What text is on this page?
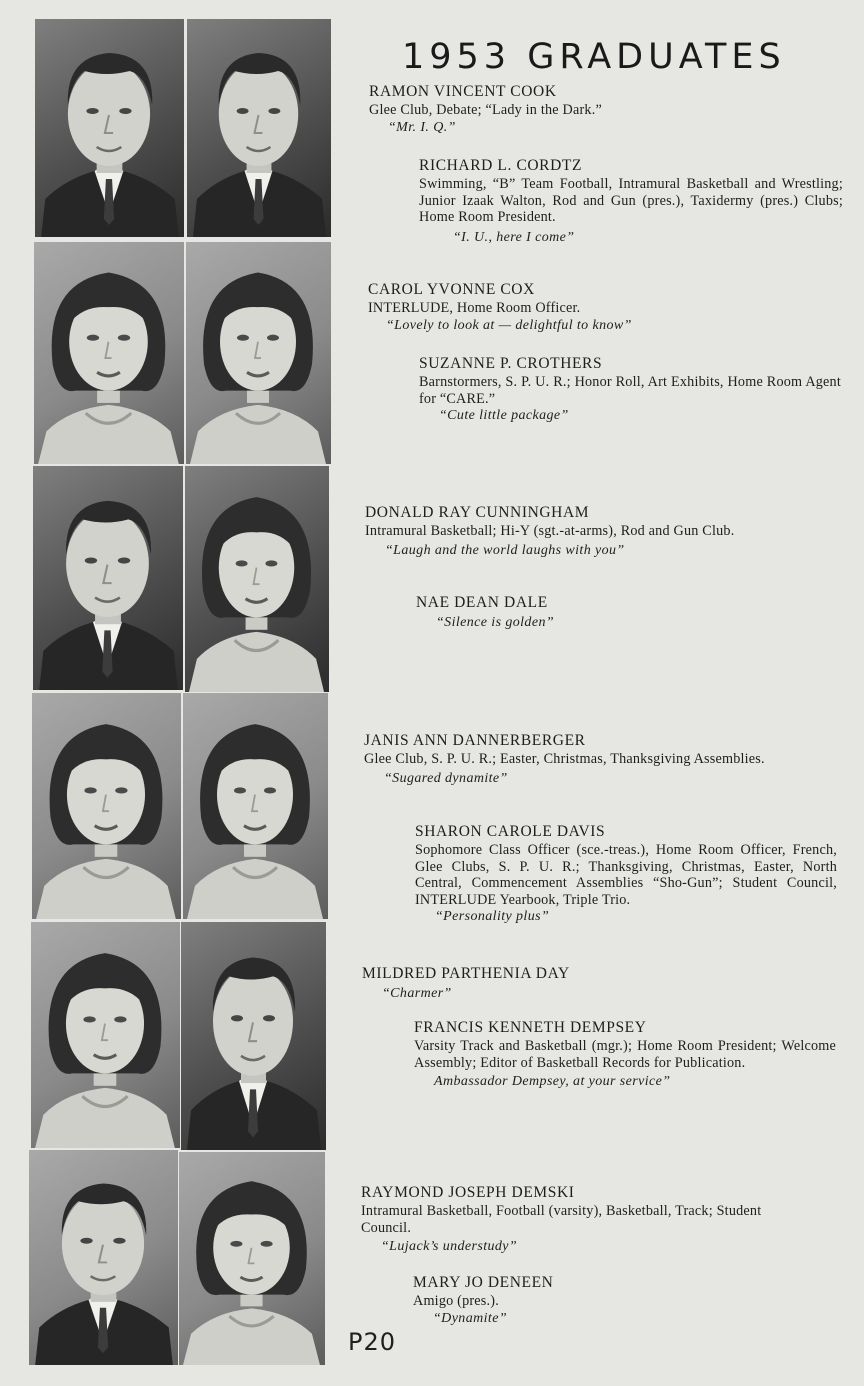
1953 GRADUATES
RAMON VINCENT COOK
Glee Club, Debate; “Lady in the Dark.”
“Mr. I. Q.”
RICHARD L. CORDTZ
Swimming, “B” Team Football, Intramural Basketball and Wrestling; Junior Izaak Walton, Rod and Gun (pres.), Taxidermy (pres.) Clubs; Home Room President.
“I. U., here I come”
CAROL YVONNE COX
INTERLUDE, Home Room Officer.
“Lovely to look at — delightful to know”
SUZANNE P. CROTHERS
Barnstormers, S. P. U. R.; Honor Roll, Art Exhibits, Home Room Agent for “CARE.”
“Cute little package”
DONALD RAY CUNNINGHAM
Intramural Basketball; Hi-Y (sgt.-at-arms), Rod and Gun Club.
“Laugh and the world laughs with you”
NAE DEAN DALE
“Silence is golden”
JANIS ANN DANNERBERGER
Glee Club, S. P. U. R.; Easter, Christmas, Thanksgiving Assemblies.
“Sugared dynamite”
SHARON CAROLE DAVIS
Sophomore Class Officer (sce.-treas.), Home Room Officer, French, Glee Clubs, S. P. U. R.; Thanksgiving, Christmas, Easter, North Central, Commencement Assemblies “Sho-Gun”; Student Council, INTERLUDE Yearbook, Triple Trio.
“Personality plus”
MILDRED PARTHENIA DAY
“Charmer”
FRANCIS KENNETH DEMPSEY
Varsity Track and Basketball (mgr.); Home Room President; Welcome Assembly; Editor of Basketball Records for Publication.
Ambassador Dempsey, at your service”
RAYMOND JOSEPH DEMSKI
Intramural Basketball, Football (varsity), Basketball, Track; Student Council.
“Lujack’s understudy”
MARY JO DENEEN
Amigo (pres.).
“Dynamite”
P20
